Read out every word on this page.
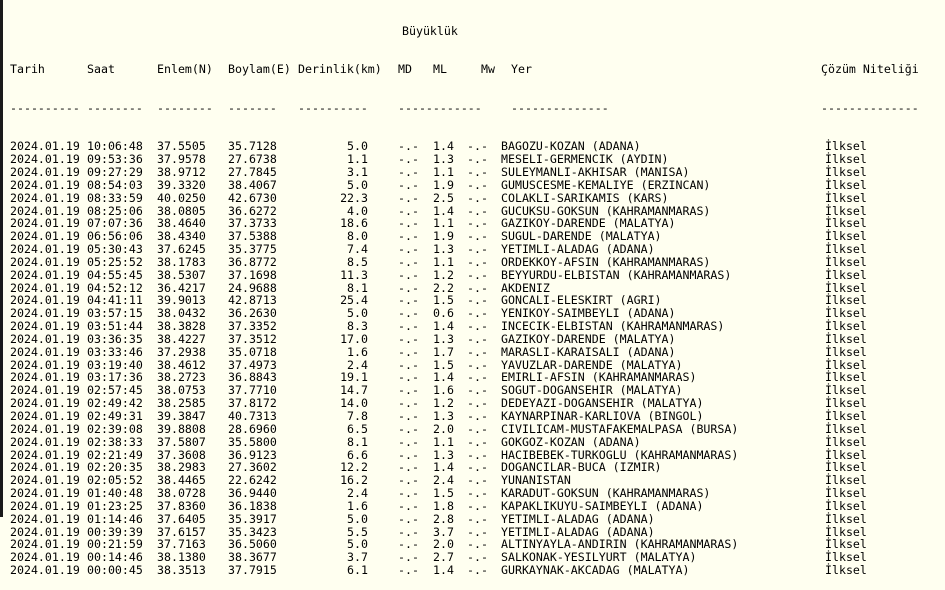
Büyüklük

Tarih	Saat	Enlem(N) Boylam(E) Derinlik(km) MD ML	Mw Yer	Çözüm Niteliği

---------- -------- -------- ------- ----------	------------	--------------	--------------

2024.01.19 10:06:48 37.5505 35.7128	5.0	-.- 1.4 -.- BAGOZU-KOZAN (ADANA)	İlksel
2024.01.19 09:53:36 37.9578 27.6738	1.1	-.- 1.3 -.- MESELI-GERMENCIK (AYDIN)	İlksel
2024.01.19 09:27:29 38.9712 27.7845	3.1	-.- 1.1 -.- SULEYMANLI-AKHISAR (MANISA)	İlksel
2024.01.19 08:54:03 39.3320 38.4067	5.0	-.- 1.9 -.- GUMUSCESME-KEMALIYE (ERZINCAN)	İlksel
2024.01.19 08:33:59 40.0250 42.6730	22.3	-.- 2.5 -.- COLAKLI-SARIKAMIS (KARS)	İlksel
2024.01.19 08:25:06 38.0805 36.6272	4.0	-.- 1.4 -.- GUCUKSU-GOKSUN (KAHRAMANMARAS)	İlksel
2024.01.19 07:07:36 38.4640 37.3733	18.6	-.- 1.1 -.- GAZIKOY-DARENDE (MALATYA)	İlksel
2024.01.19 06:56:06 38.4340 37.5388	8.0	-.- 1.9 -.- SUGUL-DARENDE (MALATYA)	İlksel
2024.01.19 05:30:43 37.6245 35.3775	7.4	-.- 1.3 -.- YETIMLI-ALADAG (ADANA)	İlksel
2024.01.19 05:25:52 38.1783 36.8772	8.5	-.- 1.1 -.- ORDEKKOY-AFSIN (KAHRAMANMARAS)	İlksel
2024.01.19 04:55:45 38.5307 37.1698	11.3	-.- 1.2 -.- BEYYURDU-ELBISTAN (KAHRAMANMARAS)	İlksel
2024.01.19 04:52:12 36.4217 24.9688	8.1	-.- 2.2 -.- AKDENIZ	İlksel
2024.01.19 04:41:11 39.9013 42.8713	25.4	-.- 1.5 -.- GONCALI-ELESKIRT (AGRI)	İlksel
2024.01.19 03:57:15 38.0432 36.2630	5.0	-.- 0.6 -.- YENIKOY-SAIMBEYLI (ADANA)	İlksel
2024.01.19 03:51:44 38.3828 37.3352	8.3	-.- 1.4 -.- INCECIK-ELBISTAN (KAHRAMANMARAS)	İlksel
2024.01.19 03:36:35 38.4227 37.3512	17.0	-.- 1.3 -.- GAZIKOY-DARENDE (MALATYA)	İlksel
2024.01.19 03:33:46 37.2938 35.0718	1.6	-.- 1.7 -.- MARASLI-KARAISALI (ADANA)	İlksel
2024.01.19 03:19:40 38.4612 37.4973	2.4	-.- 1.5 -.- YAVUZLAR-DARENDE (MALATYA)	İlksel
2024.01.19 03:17:36 38.2723 36.8843	19.1	-.- 1.4 -.- EMIRLI-AFSIN (KAHRAMANMARAS)	İlksel
2024.01.19 02:57:45 38.0753 37.7710	14.7	-.- 1.6 -.- SOGUT-DOGANSEHIR (MALATYA)	İlksel
2024.01.19 02:49:42 38.2585 37.8172	14.0	-.- 1.2 -.- DEDEYAZI-DOGANSEHIR (MALATYA)	İlksel
2024.01.19 02:49:31 39.3847 40.7313	7.8	-.- 1.3 -.- KAYNARPINAR-KARLIOVA (BINGOL)	İlksel
2024.01.19 02:39:08 39.8808 28.6960	6.5	-.- 2.0 -.- CIVILICAM-MUSTAFAKEMALPASA (BURSA)	İlksel
2024.01.19 02:38:33 37.5807 35.5800	8.1	-.- 1.1 -.- GOKGOZ-KOZAN (ADANA)	İlksel
2024.01.19 02:21:49 37.3608 36.9123	6.6	-.- 1.3 -.- HACIBEBEK-TURKOGLU (KAHRAMANMARAS)	İlksel
2024.01.19 02:20:35 38.2983 27.3602	12.2	-.- 1.4 -.- DOGANCILAR-BUCA (IZMIR)	İlksel
2024.01.19 02:05:52 38.4465 22.6242	16.2	-.- 2.4 -.- YUNANISTAN	İlksel
2024.01.19 01:40:48 38.0728 36.9440	2.4	-.- 1.5 -.- KARADUT-GOKSUN (KAHRAMANMARAS)	İlksel
2024.01.19 01:23:25 37.8360 36.1838	1.6	-.- 1.8 -.- KAPAKLIKUYU-SAIMBEYLI (ADANA)	İlksel
2024.01.19 01:14:46 37.6405 35.3917	5.0	-.- 2.8 -.- YETIMLI-ALADAG (ADANA)	İlksel
2024.01.19 00:39:39 37.6157 35.3423	5.5	-.- 3.7 -.- YETIMLI-ALADAG (ADANA)	İlksel
2024.01.19 00:21:59 37.7163 36.5060	5.0	-.- 2.0 -.- ALTINYAYLA-ANDIRIN (KAHRAMANMARAS)	İlksel
2024.01.19 00:14:46 38.1380 38.3677	3.7	-.- 2.7 -.- SALKONAK-YESILYURT (MALATYA)	İlksel
2024.01.19 00:00:45 38.3513 37.7915	6.1	-.- 1.4 -.- GURKAYNAK-AKCADAG (MALATYA)	İlksel
